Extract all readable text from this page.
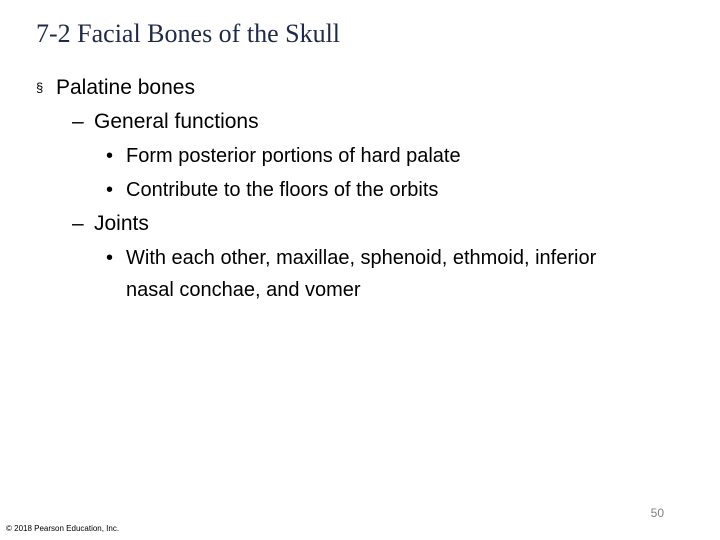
7-2 Facial Bones of the Skull
§ Palatine bones
– General functions
• Form posterior portions of hard palate
• Contribute to the floors of the orbits
– Joints
• With each other, maxillae, sphenoid, ethmoid, inferior nasal conchae, and vomer
50
© 2018 Pearson Education, Inc.
